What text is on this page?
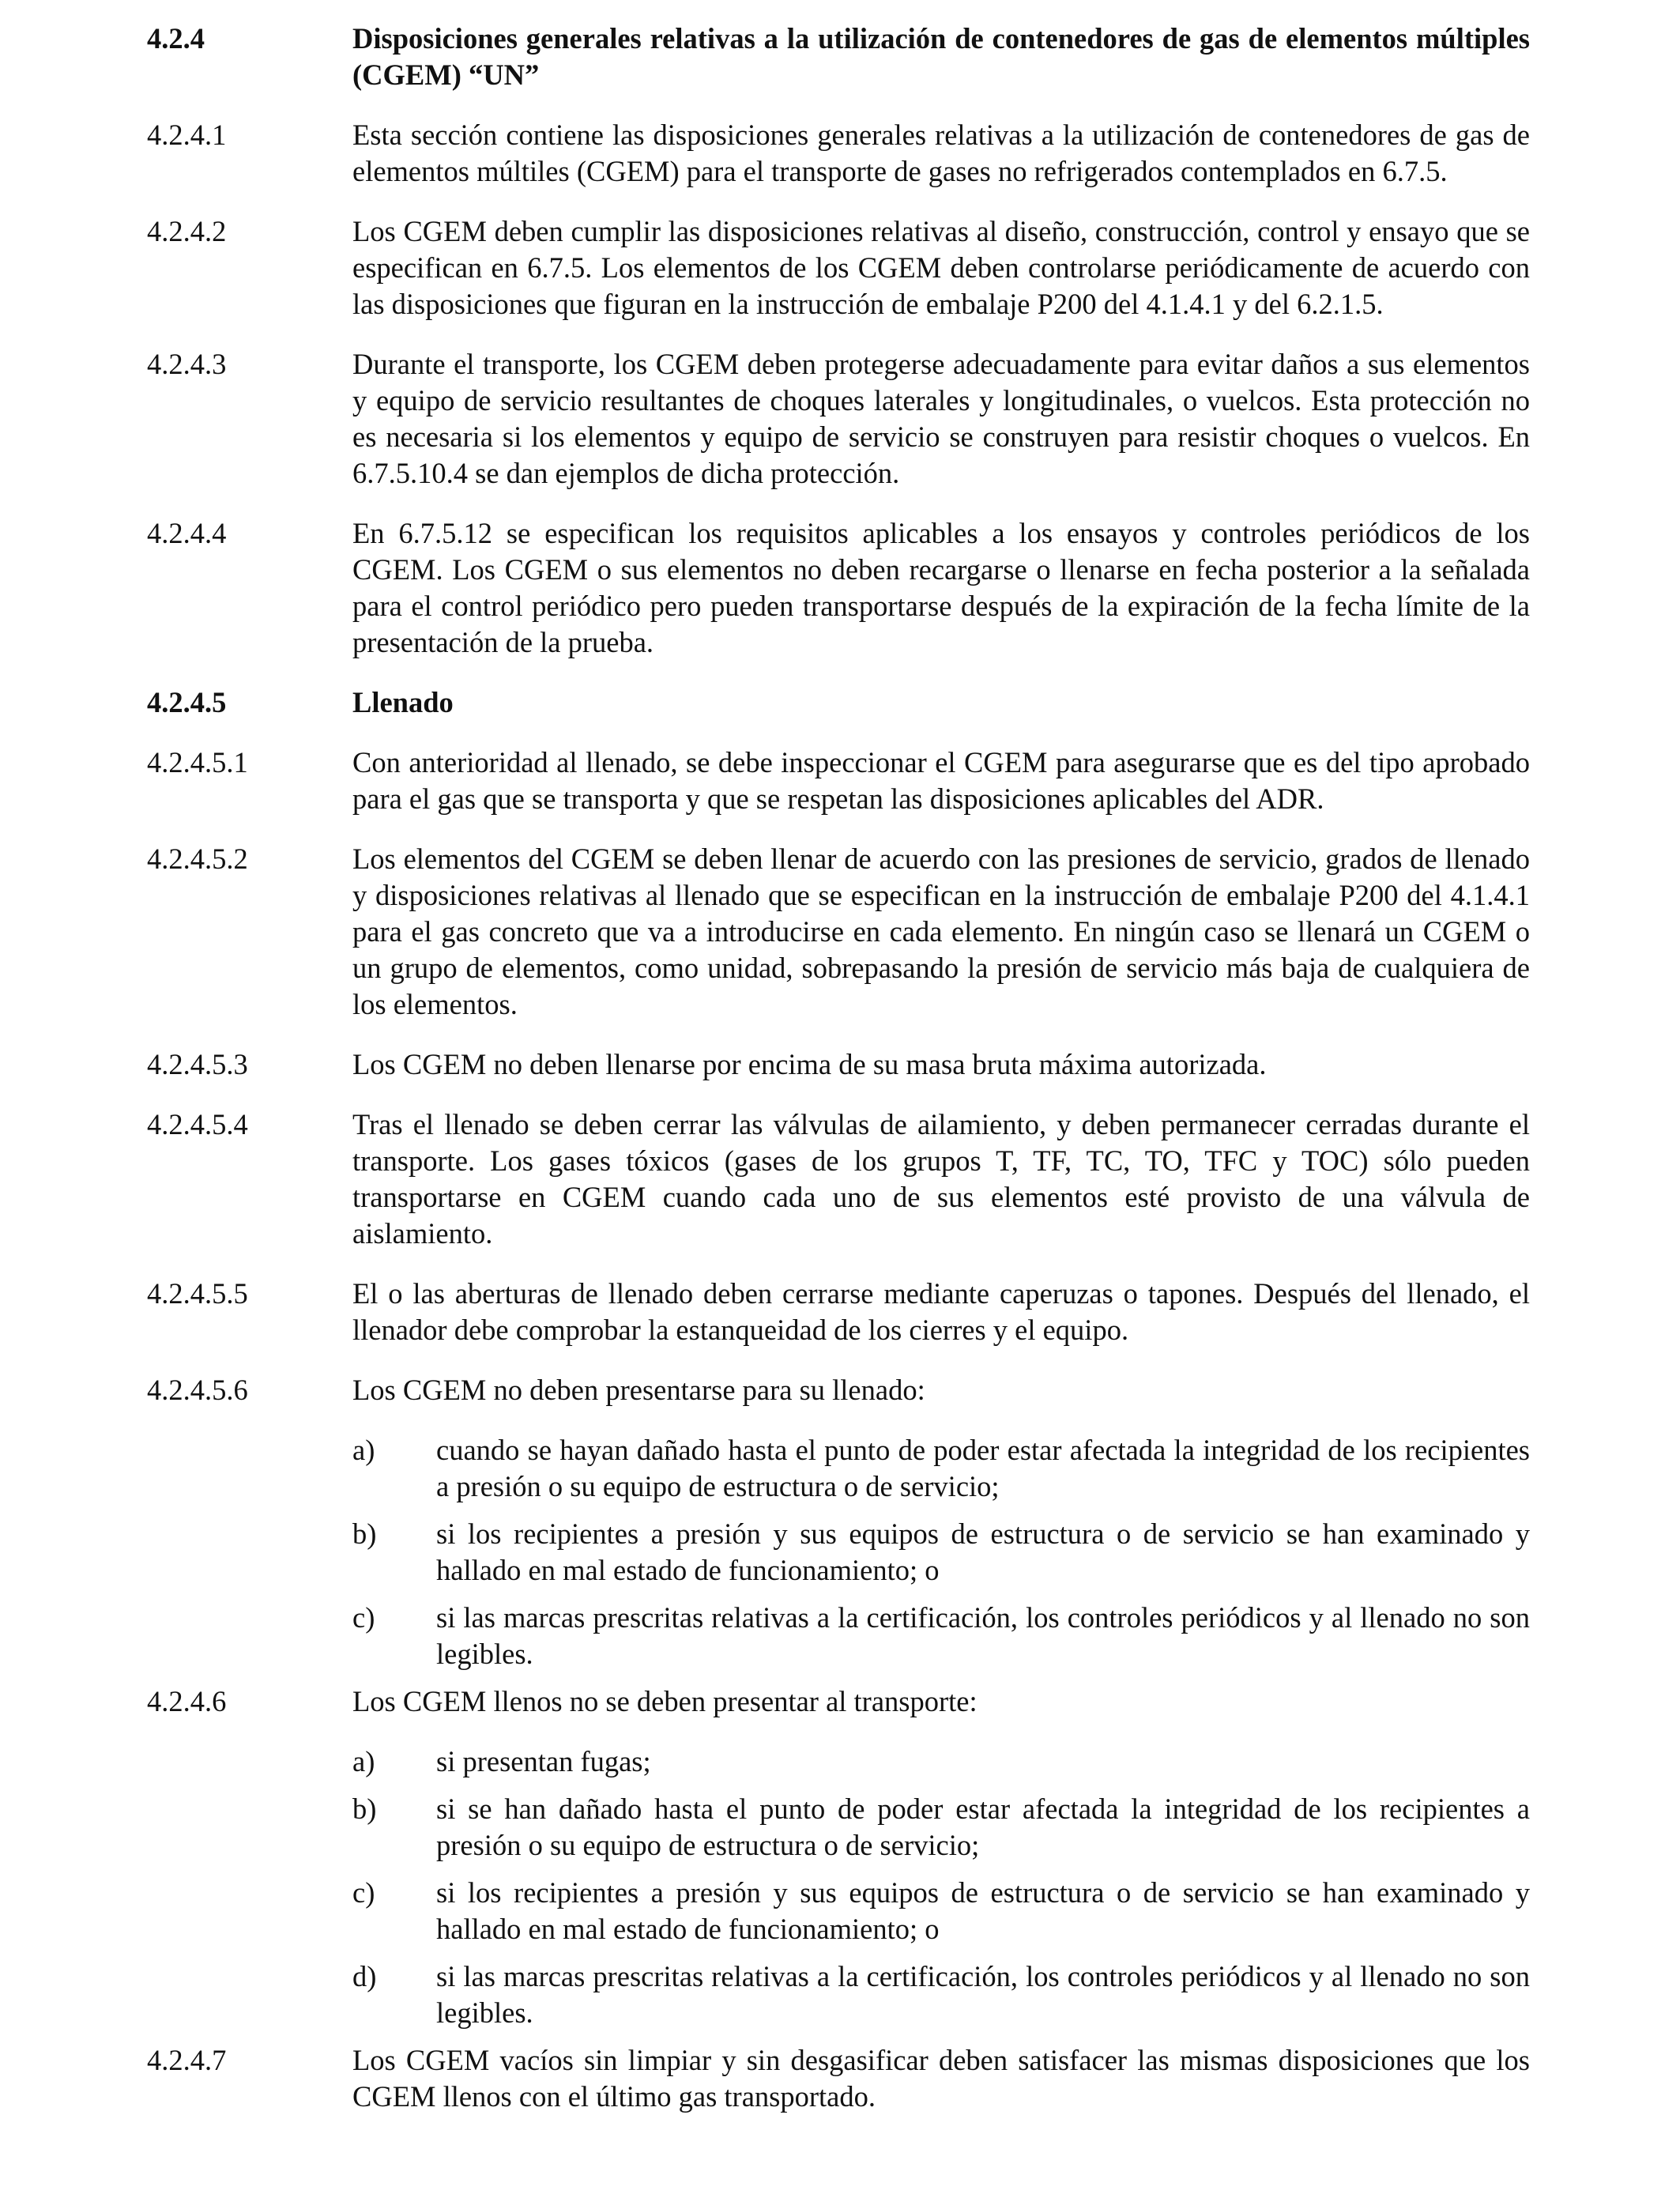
4.2.4	Disposiciones generales relativas a la utilización de contenedores de gas de elementos múltiples (CGEM) “UN”
4.2.4.1	Esta sección contiene las disposiciones generales relativas a la utilización de contenedores de gas de elementos múltiles (CGEM) para el transporte de gases no refrigerados contemplados en 6.7.5.
4.2.4.2	Los CGEM deben cumplir las disposiciones relativas al diseño, construcción, control y ensayo que se especifican en 6.7.5. Los elementos de los CGEM deben controlarse periódicamente de acuerdo con las disposiciones que figuran en la instrucción de embalaje P200 del 4.1.4.1 y del 6.2.1.5.
4.2.4.3	Durante el transporte, los CGEM deben protegerse adecuadamente para evitar daños a sus elementos y equipo de servicio resultantes de choques laterales y longitudinales, o vuelcos. Esta protección no es necesaria si los elementos y equipo de servicio se construyen para resistir choques o vuelcos. En 6.7.5.10.4 se dan ejemplos de dicha protección.
4.2.4.4	En 6.7.5.12 se especifican los requisitos aplicables a los ensayos y controles periódicos de los CGEM. Los CGEM o sus elementos no deben recargarse o llenarse en fecha posterior a la señalada para el control periódico pero pueden transportarse después de la expiración de la fecha límite de la presentación de la prueba.
4.2.4.5	Llenado
4.2.4.5.1	Con anterioridad al llenado, se debe inspeccionar el CGEM para asegurarse que es del tipo aprobado para el gas que se transporta y que se respetan las disposiciones aplicables del ADR.
4.2.4.5.2	Los elementos del CGEM se deben llenar de acuerdo con las presiones de servicio, grados de llenado y disposiciones relativas al llenado que se especifican en la instrucción de embalaje P200 del 4.1.4.1 para el gas concreto que va a introducirse en cada elemento. En ningún caso se llenará un CGEM o un grupo de elementos, como unidad, sobrepasando la presión de servicio más baja de cualquiera de los elementos.
4.2.4.5.3	Los CGEM no deben llenarse por encima de su masa bruta máxima autorizada.
4.2.4.5.4	Tras el llenado se deben cerrar las válvulas de ailamiento, y deben permanecer cerradas durante el transporte. Los gases tóxicos (gases de los grupos T, TF, TC, TO, TFC y TOC) sólo pueden transportarse en CGEM cuando cada uno de sus elementos esté provisto de una válvula de aislamiento.
4.2.4.5.5	El o las aberturas de llenado deben cerrarse mediante caperuzas o tapones. Después del llenado, el llenador debe comprobar la estanqueidad de los cierres y el equipo.
4.2.4.5.6	Los CGEM no deben presentarse para su llenado:
a)	cuando se hayan dañado hasta el punto de poder estar afectada la integridad de los recipientes a presión o su equipo de estructura o de servicio;
b)	si los recipientes a presión y sus equipos de estructura o de servicio se han examinado y hallado en mal estado de funcionamiento; o
c)	si las marcas prescritas relativas a la certificación, los controles periódicos y al llenado no son legibles.
4.2.4.6	Los CGEM llenos no se deben presentar al transporte:
a)	si presentan fugas;
b)	si se han dañado hasta el punto de poder estar afectada la integridad de los recipientes a presión o su equipo de estructura o de servicio;
c)	si los recipientes a presión y sus equipos de estructura o de servicio se han examinado y hallado en mal estado de funcionamiento; o
d)	si las marcas prescritas relativas a la certificación, los controles periódicos y al llenado no son legibles.
4.2.4.7	Los CGEM vacíos sin limpiar y sin desgasificar deben satisfacer las mismas disposiciones que los CGEM llenos con el último gas transportado.
